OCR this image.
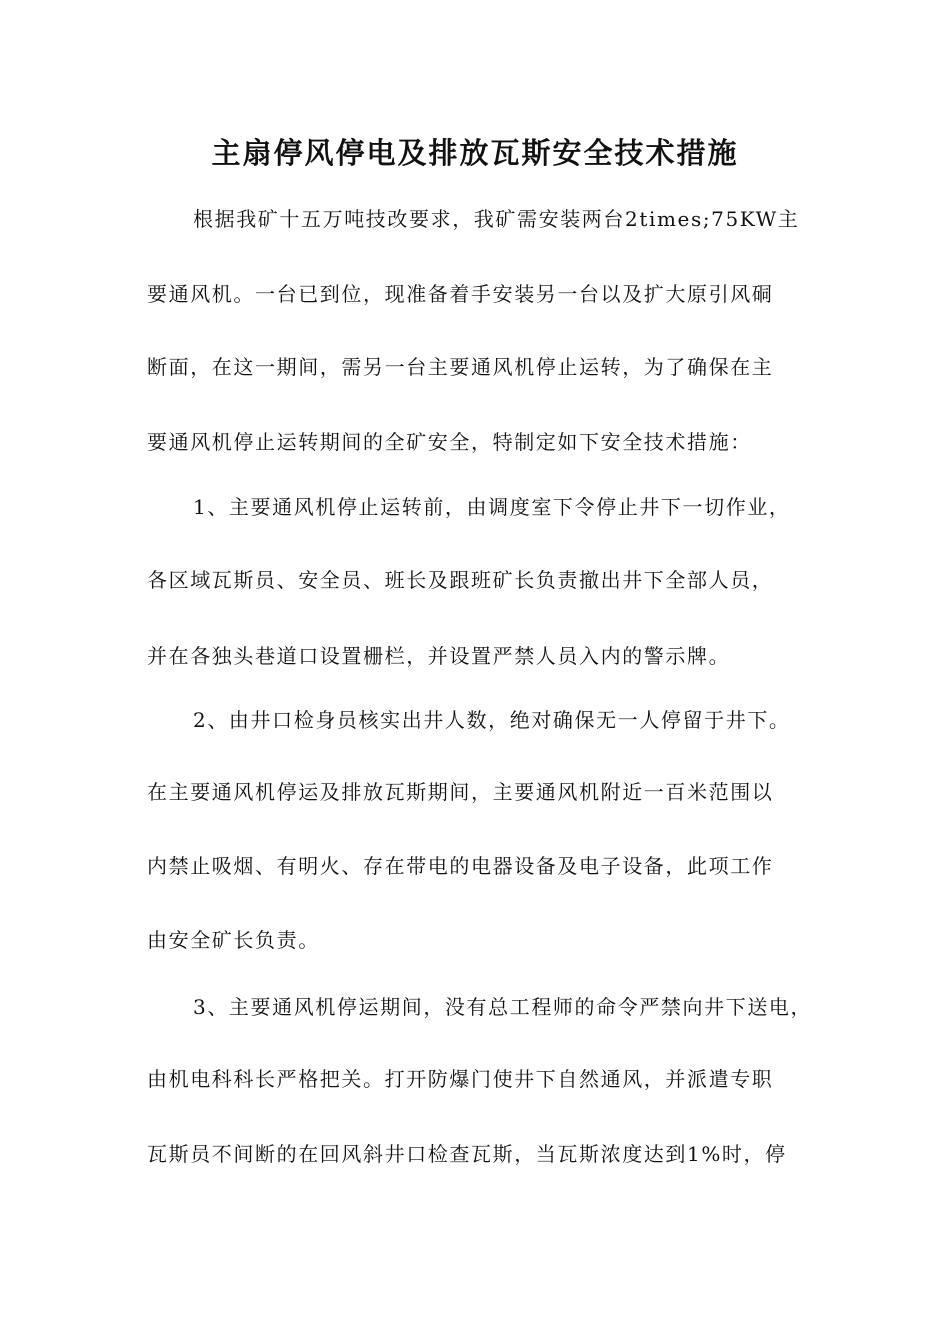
主扇停风停电及排放瓦斯安全技术措施
根据我矿十五万吨技改要求，我矿需安装两台2times;75KW主
要通风机。一台已到位，现准备着手安装另一台以及扩大原引风硐
断面，在这一期间，需另一台主要通风机停止运转，为了确保在主
要通风机停止运转期间的全矿安全，特制定如下安全技术措施：
1、主要通风机停止运转前，由调度室下令停止井下一切作业，
各区域瓦斯员、安全员、班长及跟班矿长负责撤出井下全部人员，
并在各独头巷道口设置栅栏，并设置严禁人员入内的警示牌。
2、由井口检身员核实出井人数，绝对确保无一人停留于井下。
在主要通风机停运及排放瓦斯期间，主要通风机附近一百米范围以
内禁止吸烟、有明火、存在带电的电器设备及电子设备，此项工作
由安全矿长负责。
3、主要通风机停运期间，没有总工程师的命令严禁向井下送电，
由机电科科长严格把关。打开防爆门使井下自然通风，并派遣专职
瓦斯员不间断的在回风斜井口检查瓦斯，当瓦斯浓度达到1%时，停
